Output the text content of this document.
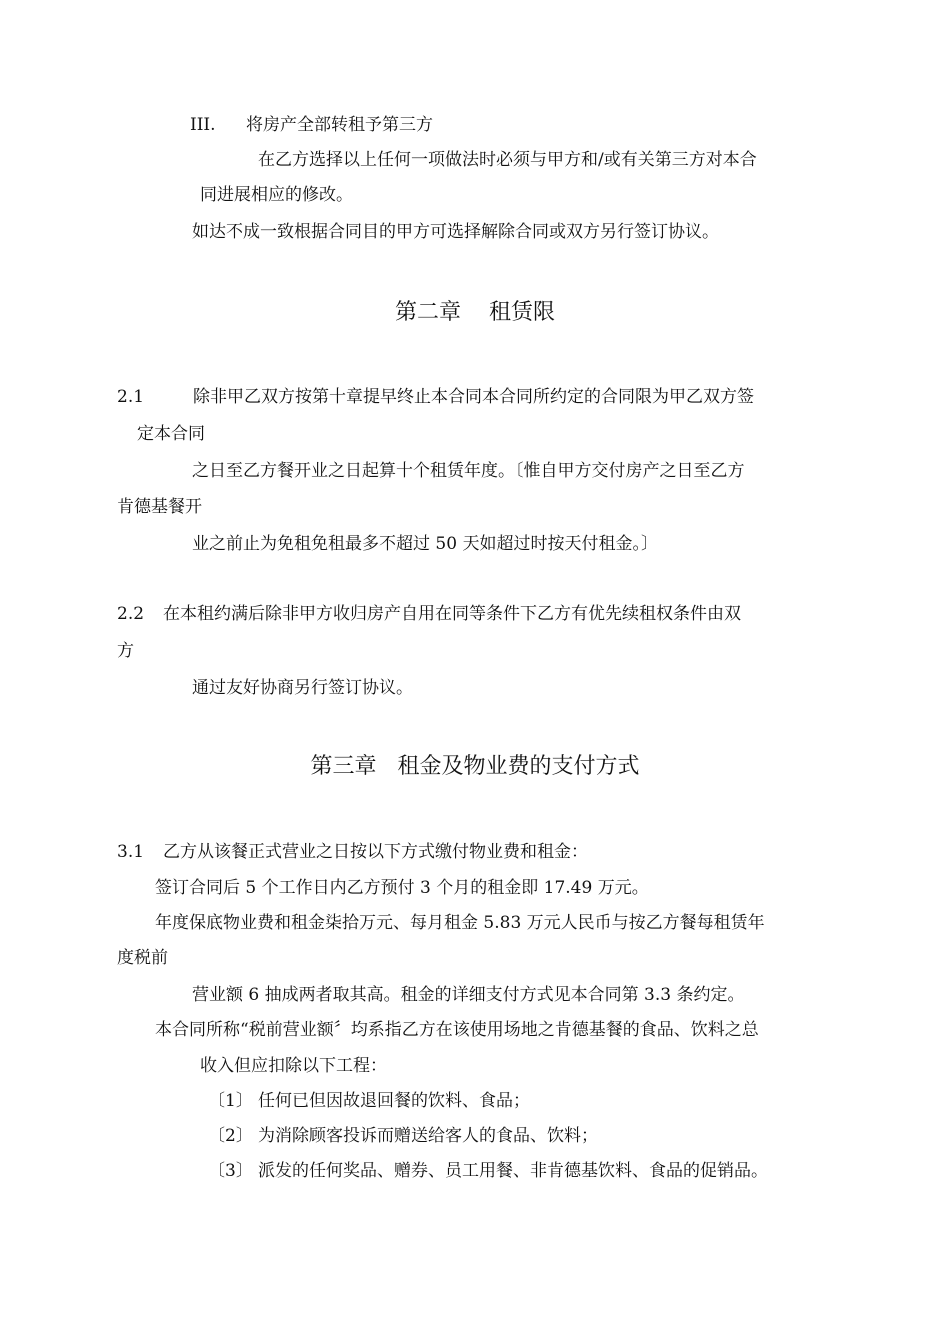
III. 将房产全部转租予第三方
在乙方选择以上任何一项做法时必须与甲方和/或有关第三方对本合
同进展相应的修改。
如达不成一致根据合同目的甲方可选择解除合同或双方另行签订协议。
第二章    租赁限
2.1	除非甲乙双方按第十章提早终止本合同本合同所约定的合同限为甲乙双方签
定本合同
之日至乙方餐开业之日起算十个租赁年度。〔惟自甲方交付房产之日至乙方
肯德基餐开
业之前止为免租免租最多不超过 50 天如超过时按天付租金。〕
2.2 在本租约满后除非甲方收归房产自用在同等条件下乙方有优先续租权条件由双
方
通过友好协商另行签订协议。
第三章   租金及物业费的支付方式
3.1 乙方从该餐正式营业之日按以下方式缴付物业费和租金：
签订合同后 5 个工作日内乙方预付 3 个月的租金即 17.49 万元。
年度保底物业费和租金柒拾万元、每月租金 5.83 万元人民币与按乙方餐每租赁年
度税前
营业额 6 抽成两者取其高。租金的详细支付方式见本合同第 3.3 条约定。
本合同所称“税前营业额〞均系指乙方在该使用场地之肯德基餐的食品、饮料之总
收入但应扣除以下工程：
〔1〕 任何已但因故退回餐的饮料、食品；
〔2〕 为消除顾客投诉而赠送给客人的食品、饮料；
〔3〕 派发的任何奖品、赠券、员工用餐、非肯德基饮料、食品的促销品。
